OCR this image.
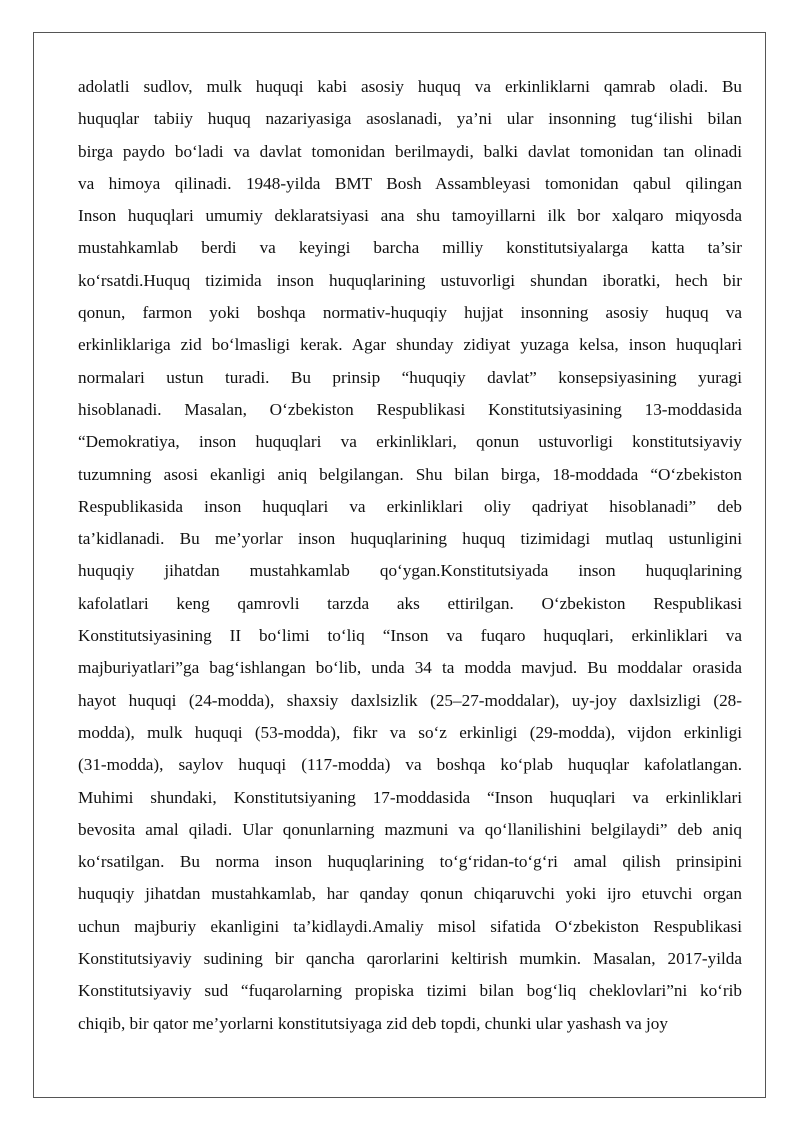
adolatli sudlov, mulk huquqi kabi asosiy huquq va erkinliklarni qamrab oladi. Bu
huquqlar tabiiy huquq nazariyasiga asoslanadi, ya’ni ular insonning tug‘ilishi bilan
birga paydo bo‘ladi va davlat tomonidan berilmaydi, balki davlat tomonidan tan olinadi
va himoya qilinadi. 1948-yilda BMT Bosh Assambleyasi tomonidan qabul qilingan
Inson huquqlari umumiy deklaratsiyasi ana shu tamoyillarni ilk bor xalqaro miqyosda
mustahkamlab berdi va keyingi barcha milliy konstitutsiyalarga katta ta’sir
ko‘rsatdi.Huquq tizimida inson huquqlarining ustuvorligi shundan iboratki, hech bir
qonun, farmon yoki boshqa normativ-huquqiy hujjat insonning asosiy huquq va
erkinliklariga zid bo‘lmasligi kerak. Agar shunday zidiyat yuzaga kelsa, inson huquqlari
normalari ustun turadi. Bu prinsip “huquqiy davlat” konsepsiyasining yuragi
hisoblanadi. Masalan, O‘zbekiston Respublikasi Konstitutsiyasining 13-moddasida
“Demokratiya, inson huquqlari va erkinliklari, qonun ustuvorligi konstitutsiyaviy
tuzumning asosi ekanligi aniq belgilangan. Shu bilan birga, 18-moddada “O‘zbekiston
Respublikasida inson huquqlari va erkinliklari oliy qadriyat hisoblanadi” deb
ta’kidlanadi. Bu me’yorlar inson huquqlarining huquq tizimidagi mutlaq ustunligini
huquqiy jihatdan mustahkamlab qo‘ygan.Konstitutsiyada inson huquqlarining
kafolatlari keng qamrovli tarzda aks ettirilgan. O‘zbekiston Respublikasi
Konstitutsiyasining II bo‘limi to‘liq “Inson va fuqaro huquqlari, erkinliklari va
majburiyatlari”ga bag‘ishlangan bo‘lib, unda 34 ta modda mavjud. Bu moddalar orasida
hayot huquqi (24-modda), shaxsiy daxlsizlik (25–27-moddalar), uy-joy daxlsizligi (28-
modda), mulk huquqi (53-modda), fikr va so‘z erkinligi (29-modda), vijdon erkinligi
(31-modda), saylov huquqi (117-modda) va boshqa ko‘plab huquqlar kafolatlangan.
Muhimi shundaki, Konstitutsiyaning 17-moddasida “Inson huquqlari va erkinliklari
bevosita amal qiladi. Ular qonunlarning mazmuni va qo‘llanilishini belgilaydi” deb aniq
ko‘rsatilgan. Bu norma inson huquqlarining to‘g‘ridan-to‘g‘ri amal qilish prinsipini
huquqiy jihatdan mustahkamlab, har qanday qonun chiqaruvchi yoki ijro etuvchi organ
uchun majburiy ekanligini ta’kidlaydi.Amaliy misol sifatida O‘zbekiston Respublikasi
Konstitutsiyaviy sudining bir qancha qarorlarini keltirish mumkin. Masalan, 2017-yilda
Konstitutsiyaviy sud “fuqarolarning propiska tizimi bilan bog‘liq cheklovlari”ni ko‘rib
chiqib, bir qator me’yorlarni konstitutsiyaga zid deb topdi, chunki ular yashash va joy
